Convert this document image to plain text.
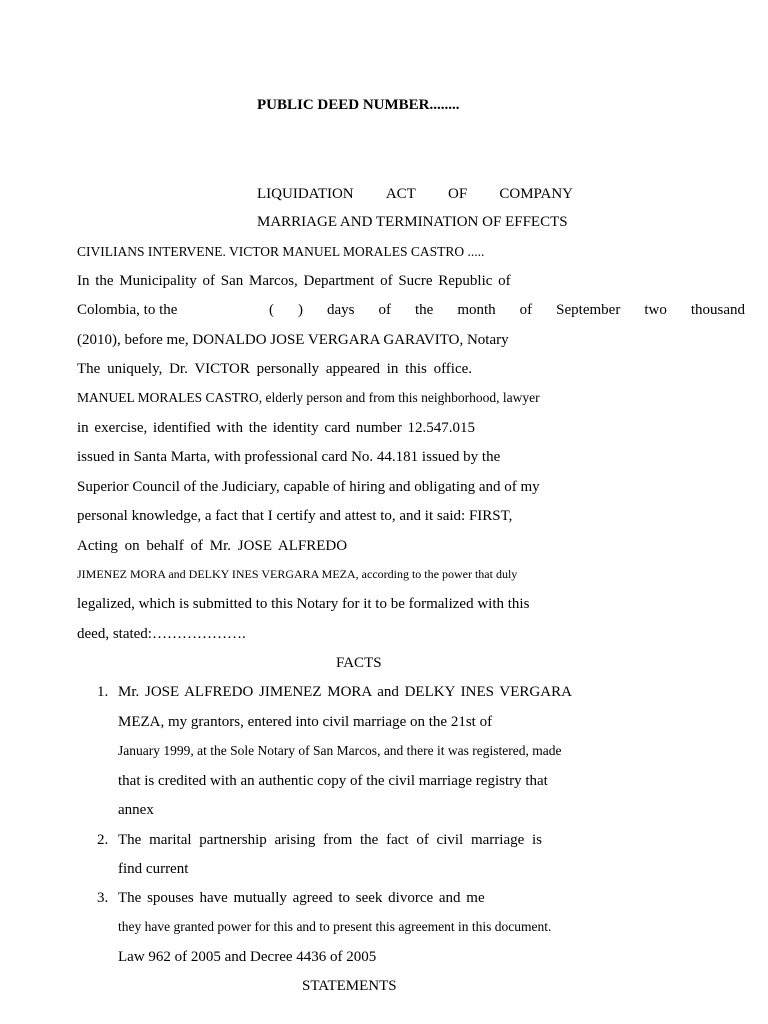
PUBLIC DEED NUMBER........
LIQUIDATION ACT OF COMPANY
MARRIAGE AND TERMINATION OF EFFECTS
CIVILIANS INTERVENE. VICTOR MANUEL MORALES CASTRO .....
In the Municipality of San Marcos, Department of Sucre Republic of
Colombia, to the	( ) days of the month of September two thousand
(2010), before me, DONALDO JOSE VERGARA GARAVITO, Notary
The uniquely, Dr. VICTOR personally appeared in this office.
MANUEL MORALES CASTRO, elderly person and from this neighborhood, lawyer
in exercise, identified with the identity card number 12.547.015
issued in Santa Marta, with professional card No. 44.181 issued by the
Superior Council of the Judiciary, capable of hiring and obligating and of my
personal knowledge, a fact that I certify and attest to, and it said: FIRST,
Acting on behalf of Mr. JOSE ALFREDO
JIMENEZ MORA and DELKY INES VERGARA MEZA, according to the power that duly
legalized, which is submitted to this Notary for it to be formalized with this
deed, stated:……………….
FACTS
1. Mr. JOSE ALFREDO JIMENEZ MORA and DELKY INES VERGARA
MEZA, my grantors, entered into civil marriage on the 21st of
January 1999, at the Sole Notary of San Marcos, and there it was registered, made
that is credited with an authentic copy of the civil marriage registry that
annex
2. The marital partnership arising from the fact of civil marriage is
find current
3. The spouses have mutually agreed to seek divorce and me
they have granted power for this and to present this agreement in this document.
Law 962 of 2005 and Decree 4436 of 2005
STATEMENTS
